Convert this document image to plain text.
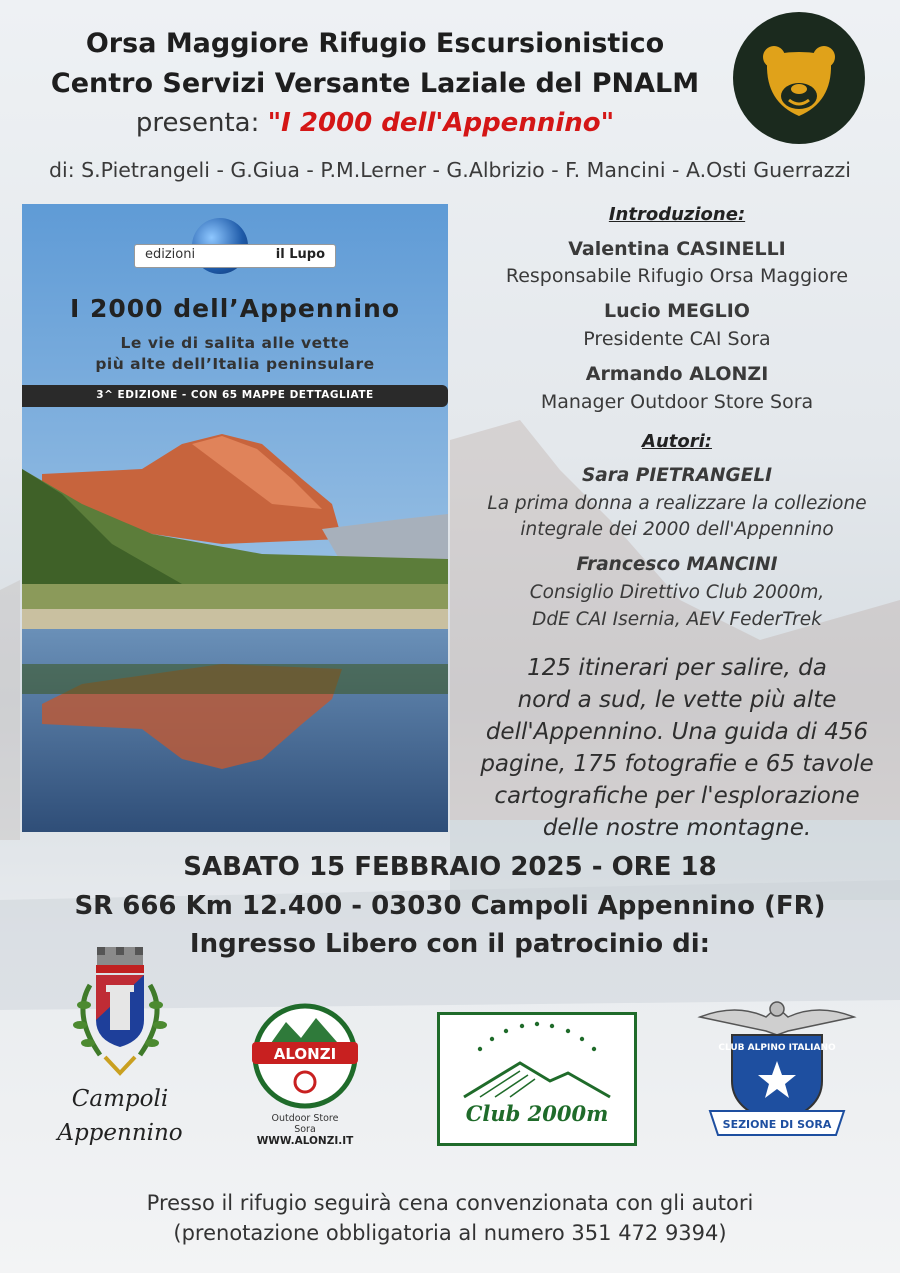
Orsa Maggiore Rifugio Escursionistico
Centro Servizi Versante Laziale del PNALM
presenta: "I 2000 dell'Appennino"
di: S.Pietrangeli - G.Giua - P.M.Lerner - G.Albrizio - F. Mancini - A.Osti Guerrazzi
edizioni	il Lupo
I 2000 dell’Appennino
Le vie di salita alle vette
più alte dell’Italia peninsulare
3^ EDIZIONE - CON 65 MAPPE DETTAGLIATE
Introduzione:
Valentina CASINELLI
Responsabile Rifugio Orsa Maggiore
Lucio MEGLIO
Presidente CAI Sora
Armando ALONZI
Manager Outdoor Store Sora
Autori:
Sara PIETRANGELI
La prima donna a realizzare la collezione
integrale dei 2000 dell'Appennino
Francesco MANCINI
Consiglio Direttivo Club 2000m,
DdE CAI Isernia, AEV FederTrek
125 itinerari per salire, da
nord a sud, le vette più alte
dell'Appennino. Una guida di 456
pagine, 175 fotografie e 65 tavole
cartografiche per l'esplorazione
delle nostre montagne.
SABATO 15 FEBBRAIO 2025 - ORE 18
SR 666 Km 12.400 - 03030 Campoli Appennino (FR)
Ingresso Libero con il patrocinio di:
Campoli
Appennino
ALONZI
Outdoor Store
Sora
WWW.ALONZI.IT
Club 2000m
CLUB ALPINO ITALIANO
SEZIONE DI SORA
Presso il rifugio seguirà cena convenzionata con gli autori
(prenotazione obbligatoria al numero 351 472 9394)
